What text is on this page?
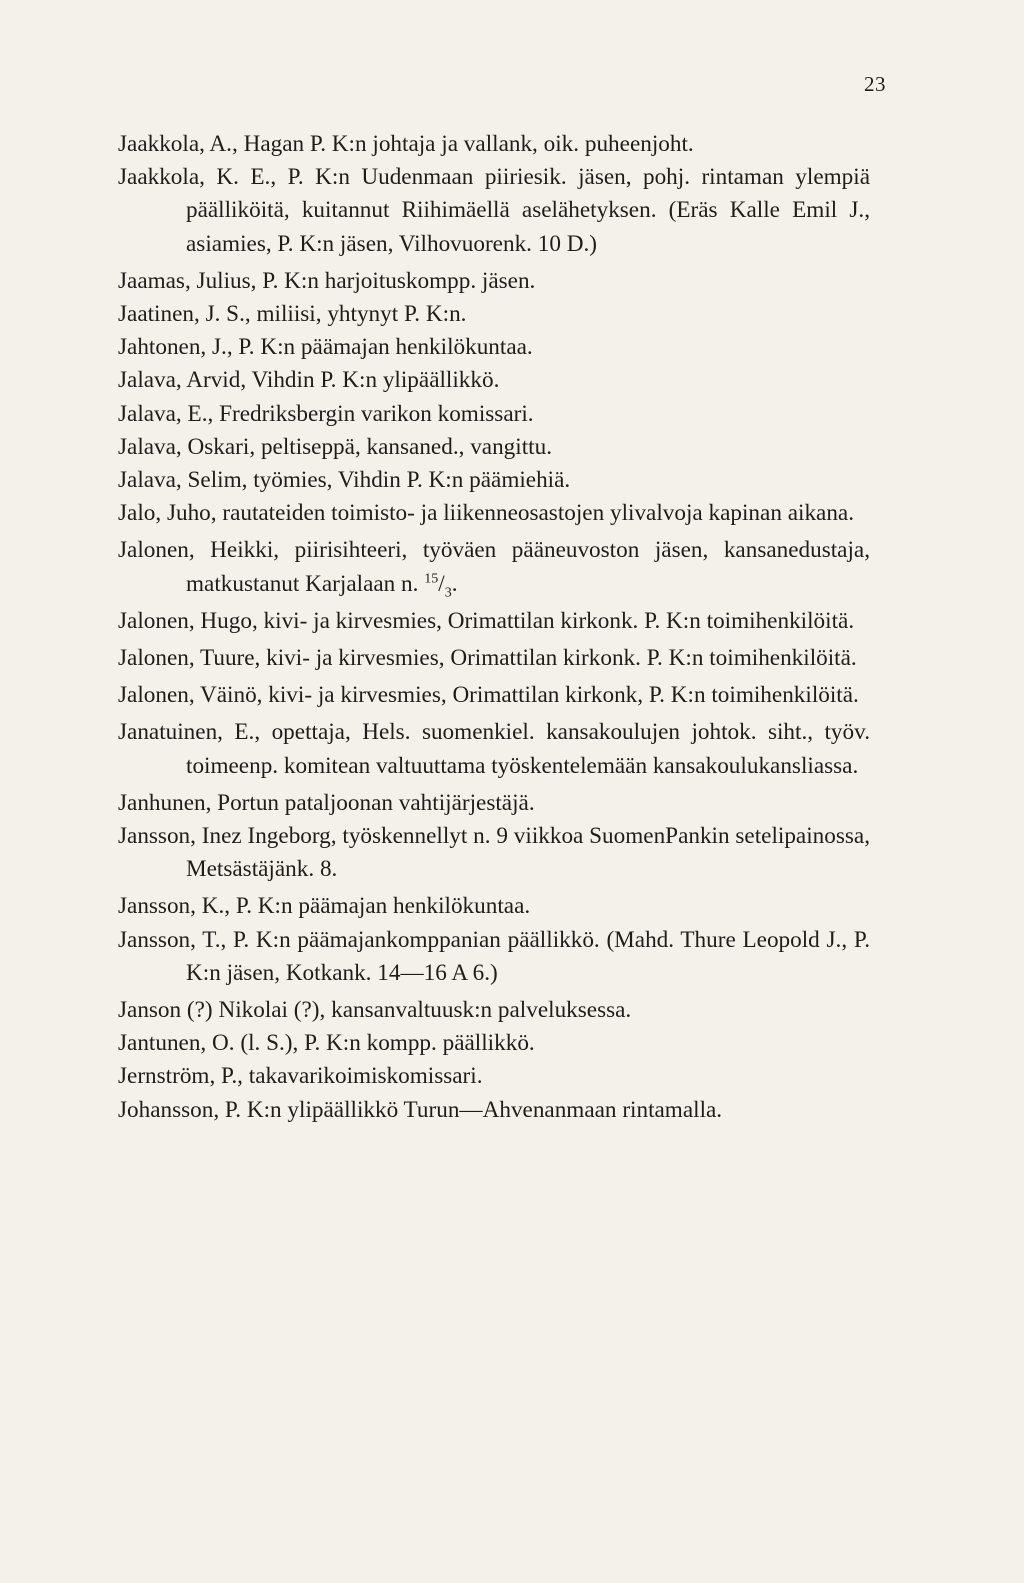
23

Jaakkola, A., Hagan P. K:n johtaja ja vallank, oik. puheenjoht.

Jaakkola, K. E., P. K:n Uudenmaan piiriesik. jäsen, pohj. rintaman ylempiä päälliköitä, kuitannut Riihimäellä aselähetyksen. (Eräs Kalle Emil J., asiamies, P. K:n jäsen, Vilhovuorenk. 10 D.)

Jaamas, Julius, P. K:n harjoituskompp. jäsen.

Jaatinen, J. S., miliisi, yhtynyt P. K:n.

Jahtonen, J., P. K:n päämajan henkilökuntaa.

Jalava, Arvid, Vihdin P. K:n ylipäällikkö.

Jalava, E., Fredriksbergin varikon komissari.

Jalava, Oskari, peltiseppä, kansaned., vangittu.

Jalava, Selim, työmies, Vihdin P. K:n päämiehiä.

Jalo, Juho, rautateiden toimisto- ja liikenneosastojen ylivalvoja kapinan aikana.

Jalonen, Heikki, piirisihteeri, työväen pääneuvoston jäsen, kansanedustaja, matkustanut Karjalaan n. $^{15}/_3$.

Jalonen, Hugo, kivi- ja kirvesmies, Orimattilan kirkonk. P. K:n toimihenkilöitä.

Jalonen, Tuure, kivi- ja kirvesmies, Orimattilan kirkonk. P. K:n toimihenkilöitä.

Jalonen, Väinö, kivi- ja kirvesmies, Orimattilan kirkonk, P. K:n toimihenkilöitä.

Janatuinen, E., opettaja, Hels. suomenkiel. kansakoulujen johtok. siht., työv. toimeenp. komitean valtuuttama työskentelemään kansakoulukansliassa.

Janhunen, Portun pataljoonan vahtijärjestäjä.

Jansson, Inez Ingeborg, työskennellyt n. 9 viikkoa SuomenPankin setelipainossa, Metsästäjänk. 8.

Jansson, K., P. K:n päämajan henkilökuntaa.

Jansson, T., P. K:n päämajankomppanian päällikkö. (Mahd. Thure Leopold J., P. K:n jäsen, Kotkank. 14—16 A 6.)

Janson (?) Nikolai (?), kansanvaltuusk:n palveluksessa.

Jantunen, O. (l. S.), P. K:n kompp. päällikkö.

Jernström, P., takavarikoimiskomissari.

Johansson, P. K:n ylipäällikkö Turun—Ahvenanmaan rintamalla.
